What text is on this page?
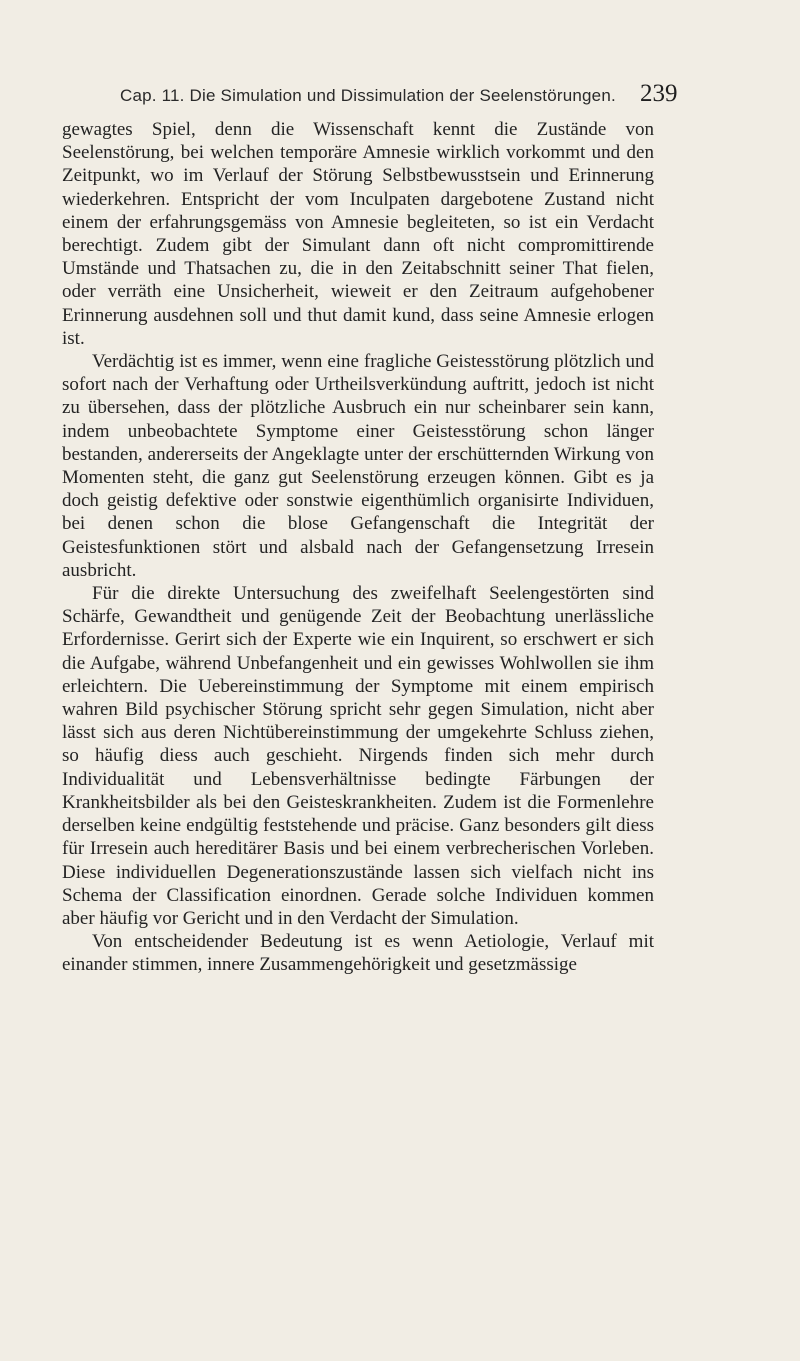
Cap. 11. Die Simulation und Dissimulation der Seelenstörungen. 239

gewagtes Spiel, denn die Wissenschaft kennt die Zustände von Seelenstörung, bei welchen temporäre Amnesie wirklich vorkommt und den Zeitpunkt, wo im Verlauf der Störung Selbstbewusstsein und Erinnerung wiederkehren. Entspricht der vom Inculpaten dargebotene Zustand nicht einem der erfahrungsgemäss von Amnesie begleiteten, so ist ein Verdacht berechtigt. Zudem gibt der Simulant dann oft nicht compromittirende Umstände und Thatsachen zu, die in den Zeitabschnitt seiner That fielen, oder verräth eine Unsicherheit, wieweit er den Zeitraum aufgehobener Erinnerung ausdehnen soll und thut damit kund, dass seine Amnesie erlogen ist.

Verdächtig ist es immer, wenn eine fragliche Geistesstörung plötzlich und sofort nach der Verhaftung oder Urtheilsverkündung auftritt, jedoch ist nicht zu übersehen, dass der plötzliche Ausbruch ein nur scheinbarer sein kann, indem unbeobachtete Symptome einer Geistesstörung schon länger bestanden, andererseits der Angeklagte unter der erschütternden Wirkung von Momenten steht, die ganz gut Seelenstörung erzeugen können. Gibt es ja doch geistig defektive oder sonstwie eigenthümlich organisirte Individuen, bei denen schon die blose Gefangenschaft die Integrität der Geistesfunktionen stört und alsbald nach der Gefangensetzung Irresein ausbricht.

Für die direkte Untersuchung des zweifelhaft Seelengestörten sind Schärfe, Gewandtheit und genügende Zeit der Beobachtung unerlässliche Erfordernisse. Gerirt sich der Experte wie ein Inquirent, so erschwert er sich die Aufgabe, während Unbefangenheit und ein gewisses Wohlwollen sie ihm erleichtern. Die Uebereinstimmung der Symptome mit einem empirisch wahren Bild psychischer Störung spricht sehr gegen Simulation, nicht aber lässt sich aus deren Nichtübereinstimmung der umgekehrte Schluss ziehen, so häufig diess auch geschieht. Nirgends finden sich mehr durch Individualität und Lebensverhältnisse bedingte Färbungen der Krankheitsbilder als bei den Geisteskrankheiten. Zudem ist die Formenlehre derselben keine endgültig feststehende und präcise. Ganz besonders gilt diess für Irresein auch hereditärer Basis und bei einem verbrecherischen Vorleben. Diese individuellen Degenerationszustände lassen sich vielfach nicht ins Schema der Classification einordnen. Gerade solche Individuen kommen aber häufig vor Gericht und in den Verdacht der Simulation.

Von entscheidender Bedeutung ist es wenn Aetiologie, Verlauf mit einander stimmen, innere Zusammengehörigkeit und gesetzmässige
